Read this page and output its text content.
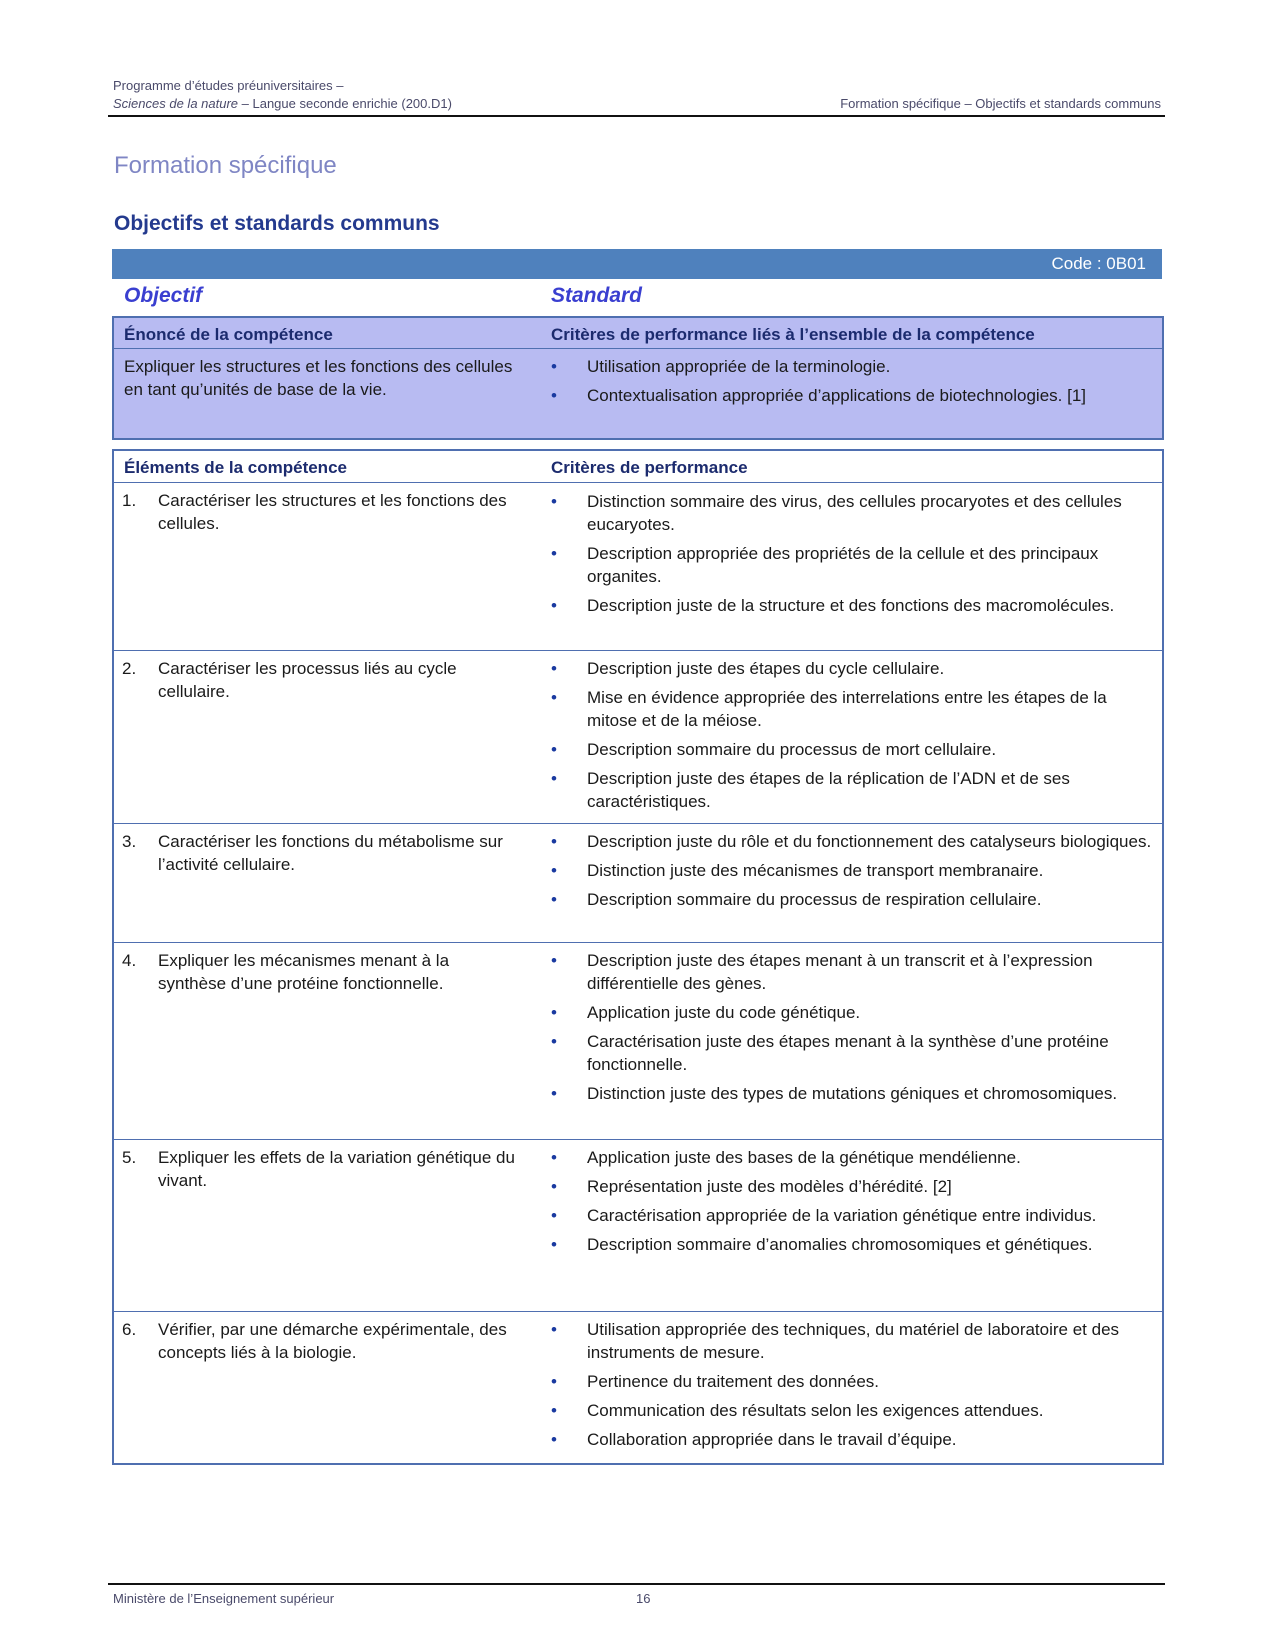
Programme d’études préuniversitaires –
Sciences de la nature – Langue seconde enrichie (200.D1)	Formation spécifique – Objectifs et standards communs
Formation spécifique
Objectifs et standards communs
Code : 0B01
Objectif	Standard
Énoncé de la compétence	Critères de performance liés à l’ensemble de la compétence
Expliquer les structures et les fonctions des cellules en tant qu’unités de base de la vie.
• Utilisation appropriée de la terminologie.
• Contextualisation appropriée d’applications de biotechnologies. [1]
Éléments de la compétence	Critères de performance
1. Caractériser les structures et les fonctions des cellules.
• Distinction sommaire des virus, des cellules procaryotes et des cellules eucaryotes.
• Description appropriée des propriétés de la cellule et des principaux organites.
• Description juste de la structure et des fonctions des macromolécules.
2. Caractériser les processus liés au cycle cellulaire.
• Description juste des étapes du cycle cellulaire.
• Mise en évidence appropriée des interrelations entre les étapes de la mitose et de la méiose.
• Description sommaire du processus de mort cellulaire.
• Description juste des étapes de la réplication de l’ADN et de ses caractéristiques.
3. Caractériser les fonctions du métabolisme sur l’activité cellulaire.
• Description juste du rôle et du fonctionnement des catalyseurs biologiques.
• Distinction juste des mécanismes de transport membranaire.
• Description sommaire du processus de respiration cellulaire.
4. Expliquer les mécanismes menant à la synthèse d’une protéine fonctionnelle.
• Description juste des étapes menant à un transcrit et à l’expression différentielle des gènes.
• Application juste du code génétique.
• Caractérisation juste des étapes menant à la synthèse d’une protéine fonctionnelle.
• Distinction juste des types de mutations géniques et chromosomiques.
5. Expliquer les effets de la variation génétique du vivant.
• Application juste des bases de la génétique mendélienne.
• Représentation juste des modèles d’hérédité. [2]
• Caractérisation appropriée de la variation génétique entre individus.
• Description sommaire d’anomalies chromosomiques et génétiques.
6. Vérifier, par une démarche expérimentale, des concepts liés à la biologie.
• Utilisation appropriée des techniques, du matériel de laboratoire et des instruments de mesure.
• Pertinence du traitement des données.
• Communication des résultats selon les exigences attendues.
• Collaboration appropriée dans le travail d’équipe.
Ministère de l’Enseignement supérieur	16
